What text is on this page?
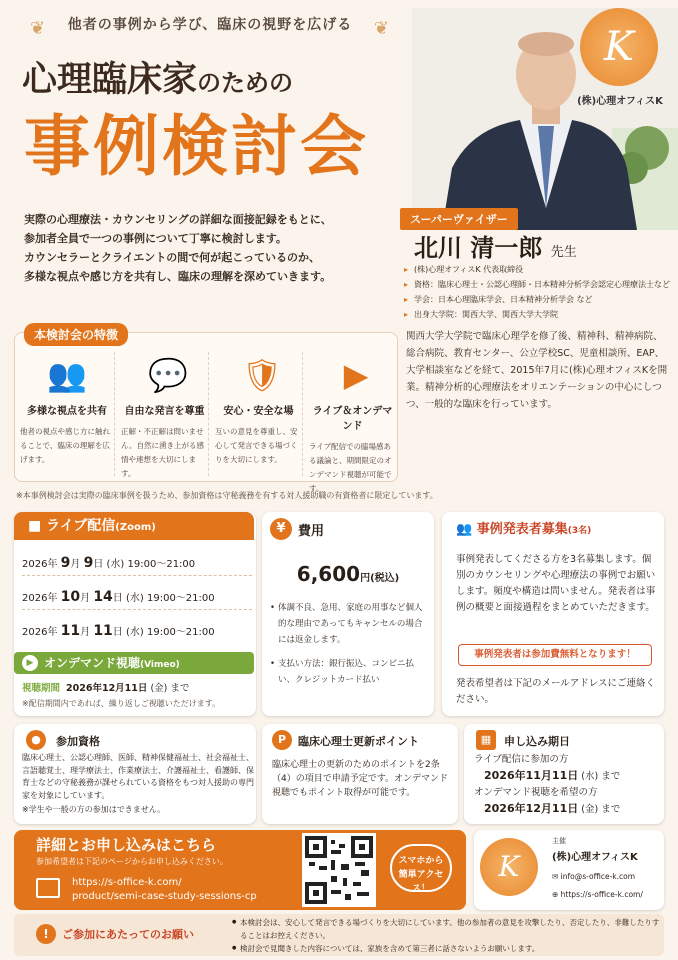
❦ 他者の事例から学び、臨床の視野を広げる ❦
心理臨床家のための
事例検討会
K
(株)心理オフィスK
実際の心理療法・カウンセリングの詳細な面接記録をもとに、
参加者全員で一つの事例について丁寧に検討します。
カウンセラーとクライエントの間で何が起こっているのか、
多様な視点や感じ方を共有し、臨床の理解を深めていきます。
スーパーヴァイザー
北川 清一郎 先生
▸ (株)心理オフィスK 代表取締役
▸ 資格：臨床心理士・公認心理師・日本精神分析学会認定心理療法士など
▸ 学会：日本心理臨床学会、日本精神分析学会 など
▸ 出身大学院：関西大学、関西大学大学院
関西大学大学院で臨床心理学を修了後、精神科、精神病院、総合病院、教育センター、公立学校SC、児童相談所、EAP、大学相談室などを経て、2015年7月に(株)心理オフィスKを開業。精神分析的心理療法をオリエンテーションの中心にしつつ、一般的な臨床を行っています。
本検討会の特徴
👥
多様な視点を共有
他者の視点や感じ方に触れることで、臨床の理解を広げます。
💬
自由な発言を尊重
正解・不正解は問いません。自然に湧き上がる感情や連想を大切にします。
🛡
安心・安全な場
互いの意見を尊重し、安心して発言できる場づくりを大切にします。
▶
ライブ＆オンデマンド
ライブ配信での臨場感ある議論と、期間限定のオンデマンド視聴が可能です。
※本事例検討会は実際の臨床事例を扱うため、参加資格は守秘義務を有する対人援助職の有資格者に限定しています。
■ ライブ配信(Zoom)
2026年 9月 9日 (水) 19:00～21:00
2026年 10月 14日 (水) 19:00～21:00
2026年 11月 11日 (水) 19:00～21:00
オンデマンド視聴(Vimeo)
▶
視聴期間 2026年12月11日 (金) まで
※配信期間内であれば、繰り返しご視聴いただけます。
¥ 費用
6,600円(税込)
• 体調不良、急用、家庭の用事など個人的な理由であってもキャンセルの場合には返金します。
• 支払い方法：銀行振込、コンビニ払い、クレジットカード払い
👥 事例発表者募集(3名)
事例発表してくださる方を3名募集します。個別のカウンセリングや心理療法の事例でお願いします。頻度や構造は問いません。発表者は事例の概要と面接過程をまとめていただきます。
事例発表者は参加費無料となります！
発表希望者は下記のメールアドレスにご連絡ください。
●	参加資格
臨床心理士、公認心理師、医師、精神保健福祉士、社会福祉士、言語聴覚士、理学療法士、作業療法士、介護福祉士、看護師、保育士などの守秘義務が課せられている資格をもつ対人援助の専門家を対象にしています。
※学生や一般の方の参加はできません。
P	臨床心理士更新ポイント
臨床心理士の更新のためのポイントを2条（4）の項目で申請予定です。オンデマンド視聴でもポイント取得が可能です。
▦	申し込み期日
ライブ配信に参加の方
2026年11月11日 (水) まで
オンデマンド視聴を希望の方
2026年12月11日 (金) まで
詳細とお申し込みはこちら
参加希望者は下記のページからお申し込みください。
https://s-office-k.com/
product/semi-case-study-sessions-cp
スマホから
簡単アクセス！
K
主催
(株)心理オフィスK
✉ info@s-office-k.com
⊕ https://s-office-k.com/
!	ご参加にあたってのお願い
● 本検討会は、安心して発言できる場づくりを大切にしています。他の参加者の意見を攻撃したり、否定したり、非難したりすることはお控えください。
● 検討会で見聞きした内容については、家族を含めて第三者に話さないようお願いします。
